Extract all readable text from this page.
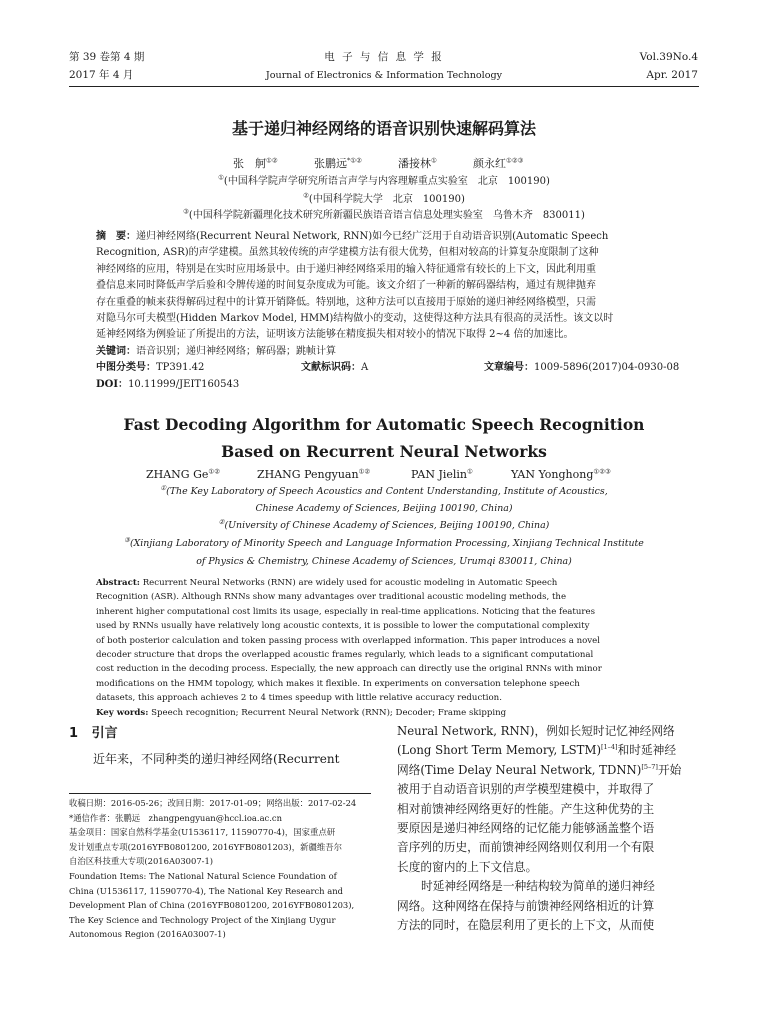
第 39 卷第 4 期
2017 年 4 月
电 子 与 信 息 学 报
Journal of Electronics & Information Technology
Vol.39No.4
Apr. 2017
基于递归神经网络的语音识别快速解码算法
张　舸①②	张鹏远*①②	潘接林①	颜永红①②③
①(中国科学院声学研究所语言声学与内容理解重点实验室　北京　100190)
②(中国科学院大学　北京　100190)
③(中国科学院新疆理化技术研究所新疆民族语音语言信息处理实验室　乌鲁木齐　830011)
摘　要：递归神经网络(Recurrent Neural Network, RNN)如今已经广泛用于自动语音识别(Automatic Speech
Recognition, ASR)的声学建模。虽然其较传统的声学建模方法有很大优势，但相对较高的计算复杂度限制了这种
神经网络的应用，特别是在实时应用场景中。由于递归神经网络采用的输入特征通常有较长的上下文，因此利用重
叠信息来同时降低声学后验和令牌传递的时间复杂度成为可能。该文介绍了一种新的解码器结构，通过有规律抛弃
存在重叠的帧来获得解码过程中的计算开销降低。特别地，这种方法可以直接用于原始的递归神经网络模型，只需
对隐马尔可夫模型(Hidden Markov Model, HMM)结构做小的变动，这使得这种方法具有很高的灵活性。该文以时
延神经网络为例验证了所提出的方法，证明该方法能够在精度损失相对较小的情况下取得 2~4 倍的加速比。
关键词：语音识别；递归神经网络；解码器；跳帧计算
中图分类号：TP391.42	文献标识码：A	文章编号：1009-5896(2017)04-0930-08
DOI：10.11999/JEIT160543
Fast Decoding Algorithm for Automatic Speech Recognition
Based on Recurrent Neural Networks
ZHANG Ge①②	ZHANG Pengyuan①②	PAN Jielin①	YAN Yonghong①②③
①(The Key Laboratory of Speech Acoustics and Content Understanding, Institute of Acoustics,
Chinese Academy of Sciences, Beijing 100190, China)
②(University of Chinese Academy of Sciences, Beijing 100190, China)
③(Xinjiang Laboratory of Minority Speech and Language Information Processing, Xinjiang Technical Institute
of Physics & Chemistry, Chinese Academy of Sciences, Urumqi 830011, China)
Abstract: Recurrent Neural Networks (RNN) are widely used for acoustic modeling in Automatic Speech
Recognition (ASR). Although RNNs show many advantages over traditional acoustic modeling methods, the
inherent higher computational cost limits its usage, especially in real-time applications. Noticing that the features
used by RNNs usually have relatively long acoustic contexts, it is possible to lower the computational complexity
of both posterior calculation and token passing process with overlapped information. This paper introduces a novel
decoder structure that drops the overlapped acoustic frames regularly, which leads to a significant computational
cost reduction in the decoding process. Especially, the new approach can directly use the original RNNs with minor
modifications on the HMM topology, which makes it flexible. In experiments on conversation telephone speech
datasets, this approach achieves 2 to 4 times speedup with little relative accuracy reduction.
Key words: Speech recognition; Recurrent Neural Network (RNN); Decoder; Frame skipping
1 引言
近年来，不同种类的递归神经网络(Recurrent
Neural Network, RNN)，例如长短时记忆神经网络
(Long Short Term Memory, LSTM)[1–4]和时延神经
网络(Time Delay Neural Network, TDNN)[5–7]开始
被用于自动语音识别的声学模型建模中，并取得了
相对前馈神经网络更好的性能。产生这种优势的主
要原因是递归神经网络的记忆能力能够涵盖整个语
音序列的历史，而前馈神经网络则仅利用一个有限
长度的窗内的上下文信息。
时延神经网络是一种结构较为简单的递归神经
网络。这种网络在保持与前馈神经网络相近的计算
方法的同时，在隐层利用了更长的上下文，从而使
收稿日期：2016-05-26；改回日期：2017-01-09；网络出版：2017-02-24
*通信作者：张鹏远　zhangpengyuan@hccl.ioa.ac.cn
基金项目：国家自然科学基金(U1536117, 11590770-4)，国家重点研
发计划重点专项(2016YFB0801200, 2016YFB0801203)，新疆维吾尔
自治区科技重大专项(2016A03007-1)
Foundation Items: The National Natural Science Foundation of
China (U1536117, 11590770-4), The National Key Research and
Development Plan of China (2016YFB0801200, 2016YFB0801203),
The Key Science and Technology Project of the Xinjiang Uygur
Autonomous Region (2016A03007-1)
